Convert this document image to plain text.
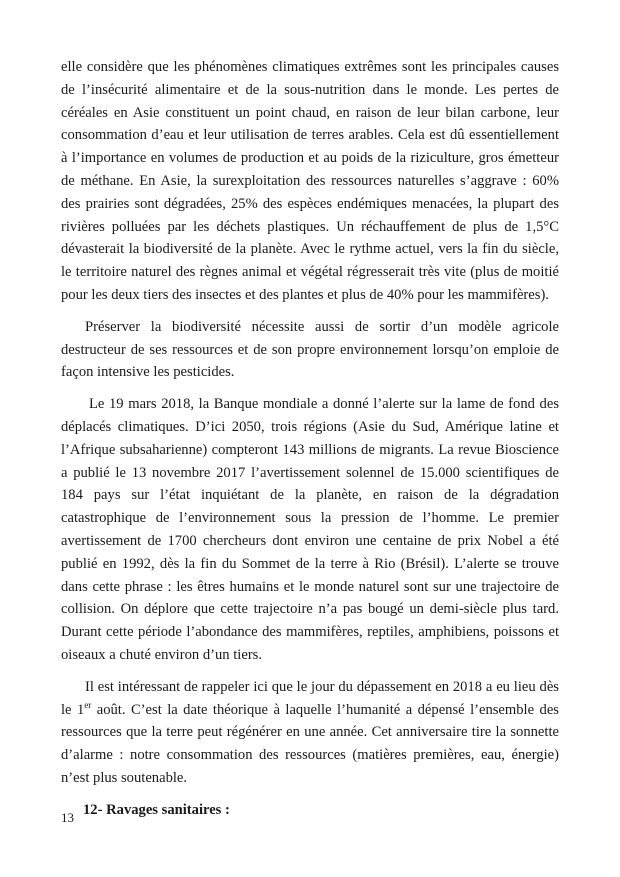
elle considère que les phénomènes climatiques extrêmes sont les principales causes de l’insécurité alimentaire et de la sous-nutrition dans le monde. Les pertes de céréales en Asie constituent un point chaud, en raison de leur bilan carbone, leur consommation d’eau et leur utilisation de terres arables. Cela est dû essentiellement à l’importance en volumes de production et au poids de la riziculture, gros émetteur de méthane. En Asie, la surexploitation des ressources naturelles s’aggrave : 60% des prairies sont dégradées, 25% des espèces endémiques menacées, la plupart des rivières polluées par les déchets plastiques. Un réchauffement de plus de 1,5°C dévasterait la biodiversité de la planète. Avec le rythme actuel, vers la fin du siècle, le territoire naturel des règnes animal et végétal régresserait très vite (plus de moitié pour les deux tiers des insectes et des plantes et plus de 40% pour les mammifères).

Préserver la biodiversité nécessite aussi de sortir d’un modèle agricole destructeur de ses ressources et de son propre environnement lorsqu’on emploie de façon intensive les pesticides.

Le 19 mars 2018, la Banque mondiale a donné l’alerte sur la lame de fond des déplacés climatiques. D’ici 2050, trois régions (Asie du Sud, Amérique latine et l’Afrique subsaharienne) compteront 143 millions de migrants. La revue Bioscience a publié le 13 novembre 2017 l’avertissement solennel de 15.000 scientifiques de 184 pays sur l’état inquiétant de la planète, en raison de la dégradation catastrophique de l’environnement sous la pression de l’homme. Le premier avertissement de 1700 chercheurs dont environ une centaine de prix Nobel a été publié en 1992, dès la fin du Sommet de la terre à Rio (Brésil). L’alerte se trouve dans cette phrase : les êtres humains et le monde naturel sont sur une trajectoire de collision. On déplore que cette trajectoire n’a pas bougé un demi-siècle plus tard. Durant cette période l’abondance des mammifères, reptiles, amphibiens, poissons et oiseaux a chuté environ d’un tiers.

Il est intéressant de rappeler ici que le jour du dépassement en 2018 a eu lieu dès le 1er août. C’est la date théorique à laquelle l’humanité a dépensé l’ensemble des ressources que la terre peut régénérer en une année. Cet anniversaire tire la sonnette d’alarme : notre consommation des ressources (matières premières, eau, énergie) n’est plus soutenable.

12- Ravages sanitaires :
13
